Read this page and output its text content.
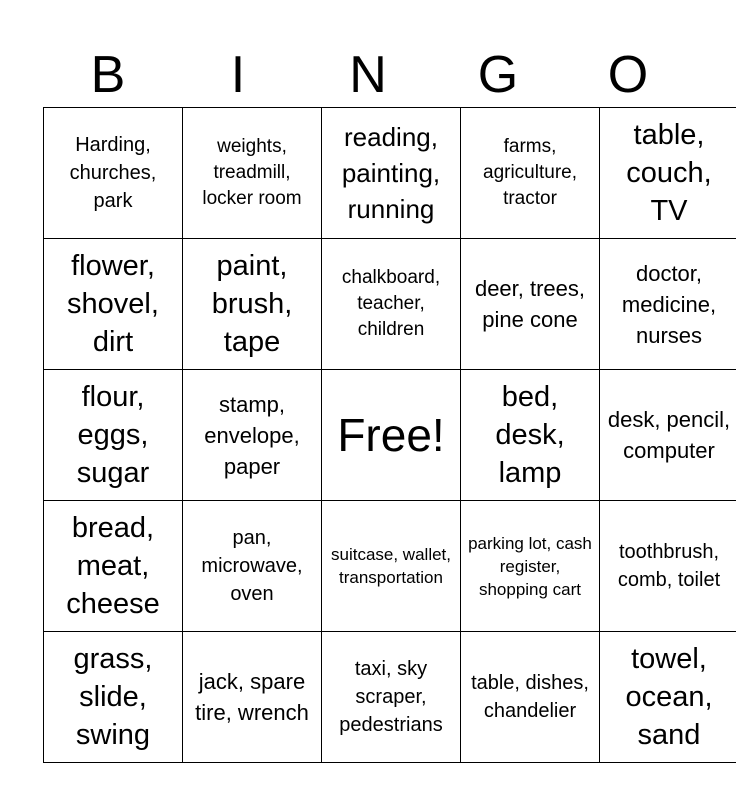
B	I	N	G	O
Harding, churches, park	weights, treadmill, locker room	reading, painting, running	farms, agriculture, tractor	table, couch, TV
flower, shovel, dirt	paint, brush, tape	chalkboard, teacher, children	deer, trees, pine cone	doctor, medicine, nurses
flour, eggs, sugar	stamp, envelope, paper	Free!	bed, desk, lamp	desk, pencil, computer
bread, meat, cheese	pan, microwave, oven	suitcase, wallet, transportation	parking lot, cash register, shopping cart	toothbrush, comb, toilet
grass, slide, swing	jack, spare tire, wrench	taxi, sky scraper, pedestrians	table, dishes, chandelier	towel, ocean, sand
